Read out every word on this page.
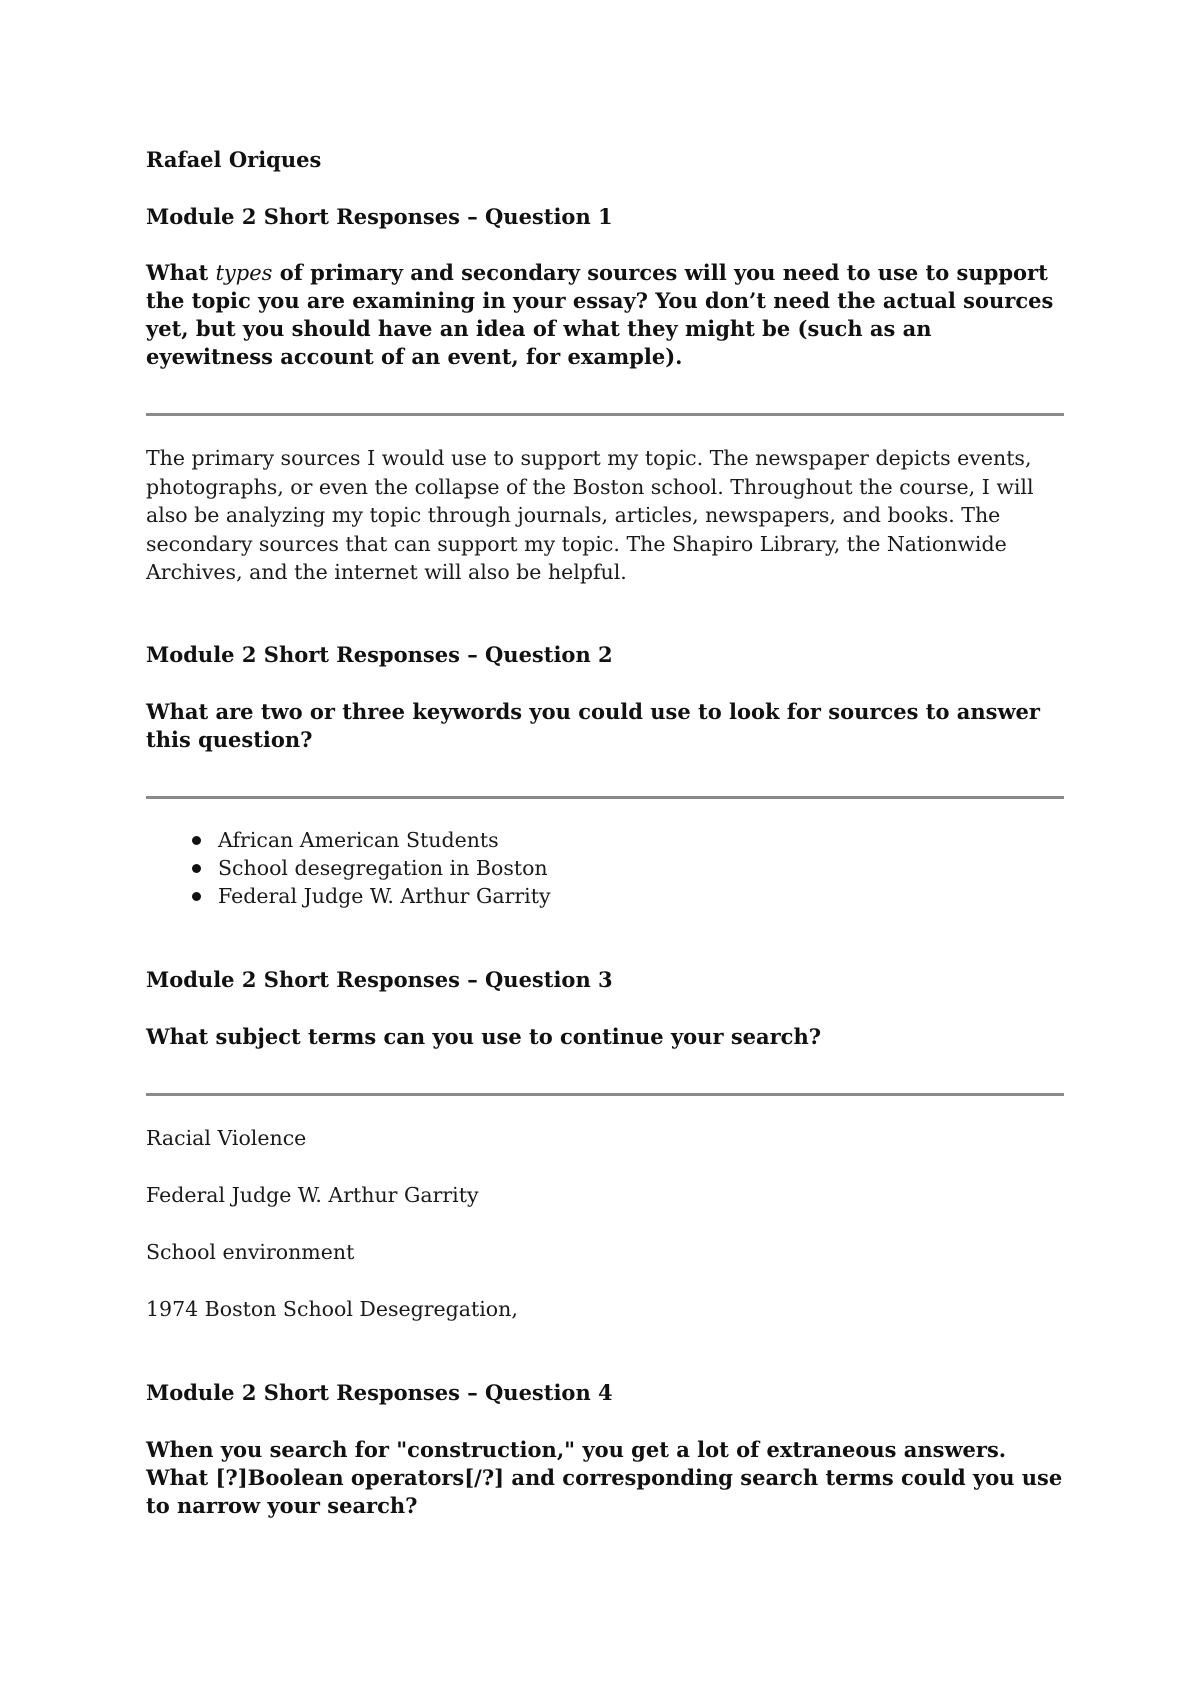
Rafael Oriques

Module 2 Short Responses – Question 1

What types of primary and secondary sources will you need to use to support the topic you are examining in your essay? You don’t need the actual sources yet, but you should have an idea of what they might be (such as an eyewitness account of an event, for example).

The primary sources I would use to support my topic. The newspaper depicts events, photographs, or even the collapse of the Boston school. Throughout the course, I will also be analyzing my topic through journals, articles, newspapers, and books. The secondary sources that can support my topic. The Shapiro Library, the Nationwide Archives, and the internet will also be helpful.

Module 2 Short Responses – Question 2

What are two or three keywords you could use to look for sources to answer this question?

African American Students
School desegregation in Boston
Federal Judge W. Arthur Garrity

Module 2 Short Responses – Question 3

What subject terms can you use to continue your search?

Racial Violence

Federal Judge W. Arthur Garrity

School environment

1974 Boston School Desegregation,

Module 2 Short Responses – Question 4

When you search for "construction," you get a lot of extraneous answers. What [?]Boolean operators[/?] and corresponding search terms could you use to narrow your search?
